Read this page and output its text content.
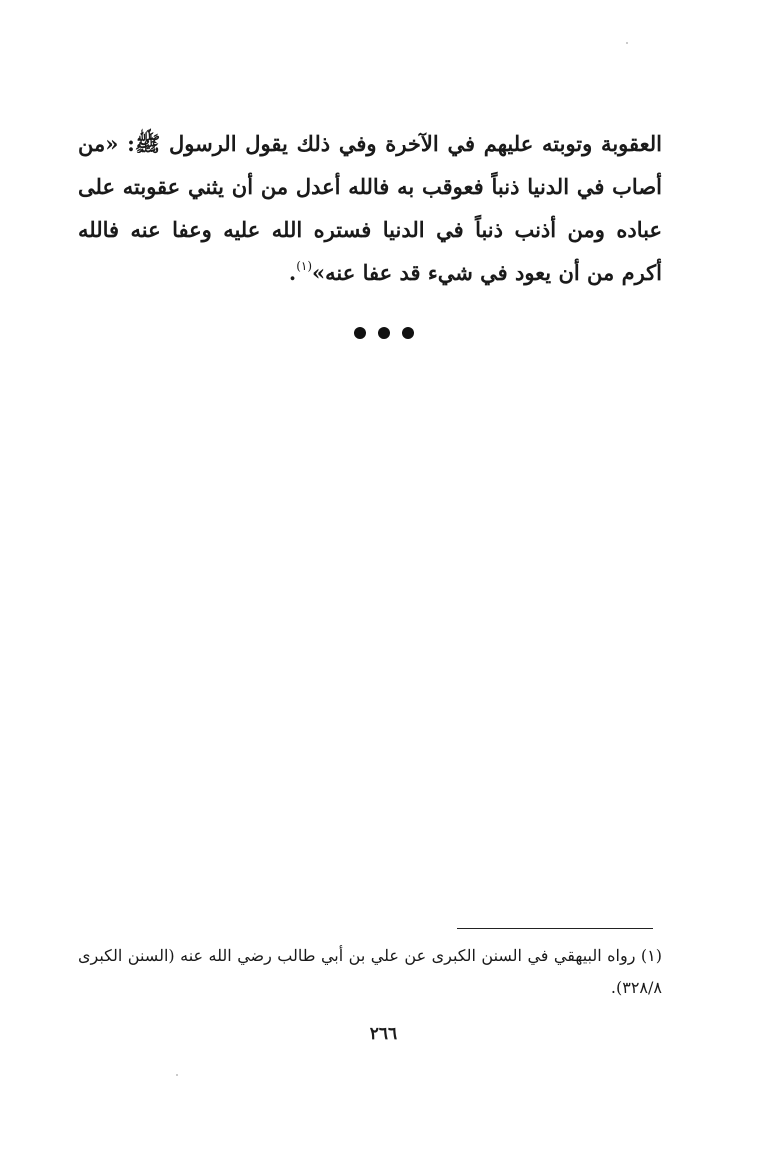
العقوبة وتوبته عليهم في الآخرة وفي ذلك يقول الرسول ﷺ: «من أصاب في الدنيا ذنباً فعوقب به فالله أعدل من أن يثني عقوبته على عباده ومن أذنب ذنباً في الدنيا فستره الله عليه وعفا عنه فالله أكرم من أن يعود في شيء قد عفا عنه»$^{(١)}$.

(١) رواه البيهقي في السنن الكبرى عن علي بن أبي طالب رضي الله عنه (السنن الكبرى ٣٢٨/٨).

٢٦٦
